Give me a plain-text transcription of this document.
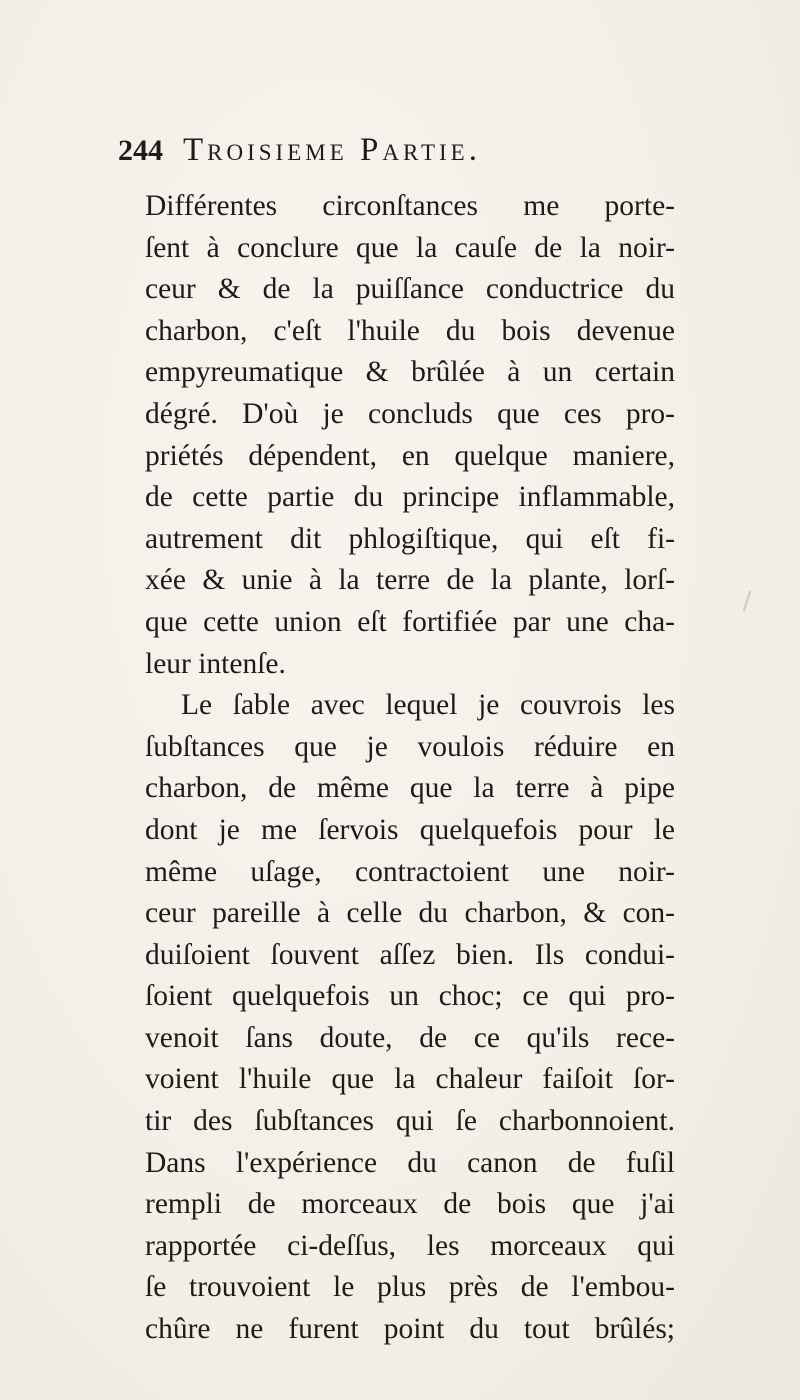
244 Troisieme Partie.
Différentes circonſtances me porte-
ſent à conclure que la cauſe de la noir-
ceur & de la puiſſance conductrice du
charbon, c'eſt l'huile du bois devenue
empyreumatique & brûlée à un certain
dégré. D'où je concluds que ces pro-
priétés dépendent, en quelque maniere,
de cette partie du principe inflammable,
autrement dit phlogiſtique, qui eſt fi-
xée & unie à la terre de la plante, lorſ-
que cette union eſt fortifiée par une cha-
leur intenſe.
Le ſable avec lequel je couvrois les
ſubſtances que je voulois réduire en
charbon, de même que la terre à pipe
dont je me ſervois quelquefois pour le
même uſage, contractoient une noir-
ceur pareille à celle du charbon, & con-
duiſoient ſouvent aſſez bien. Ils condui-
ſoient quelquefois un choc; ce qui pro-
venoit ſans doute, de ce qu'ils rece-
voient l'huile que la chaleur faiſoit ſor-
tir des ſubſtances qui ſe charbonnoient.
Dans l'expérience du canon de fuſil
rempli de morceaux de bois que j'ai
rapportée ci-deſſus, les morceaux qui
ſe trouvoient le plus près de l'embou-
chûre ne furent point du tout brûlés;
